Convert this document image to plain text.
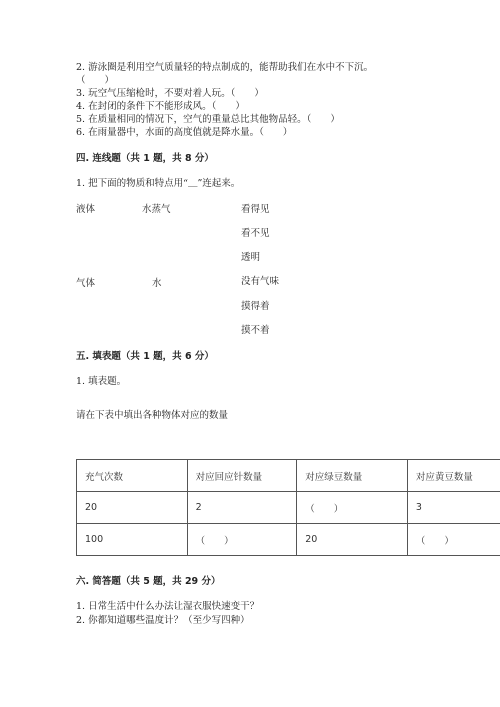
2. 游泳圈是利用空气质量轻的特点制成的，能帮助我们在水中不下沉。
（　　）
3. 玩空气压缩枪时，不要对着人玩。（　　）
4. 在封闭的条件下不能形成风。（　　）
5. 在质量相同的情况下，空气的重量总比其他物品轻。（　　）
6. 在雨量器中，水面的高度值就是降水量。（　　）
四. 连线题（共 1 题，共 8 分）
1. 把下面的物质和特点用“＿”连起来。
液体
气体
水蒸气
水
看得见
看不见
透明
没有气味
摸得着
摸不着
五. 填表题（共 1 题，共 6 分）
1. 填表题。
请在下表中填出各种物体对应的数量
充气次数	对应回应针数量	对应绿豆数量	对应黄豆数量
20	2	（　　）	3
100	（　　）	20	（　　）
六. 简答题（共 5 题，共 29 分）
1. 日常生活中什么办法让湿衣服快速变干？
2. 你都知道哪些温度计？（至少写四种）
